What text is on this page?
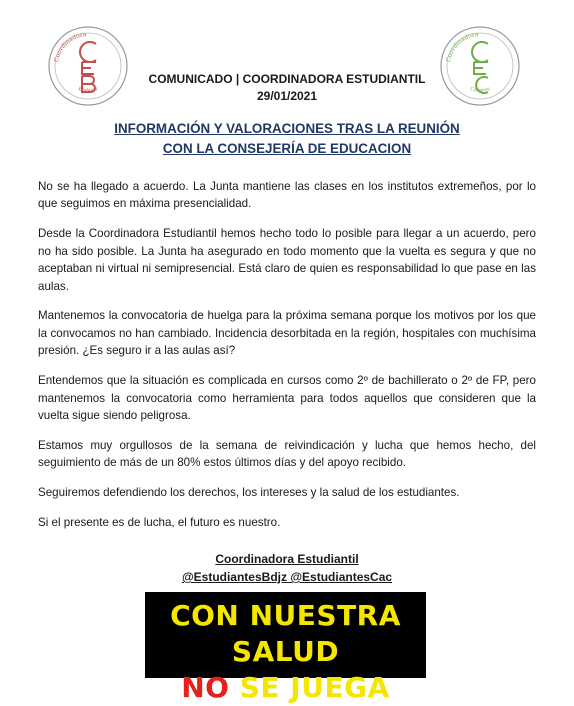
Coordinadora
Badajoz
Coordinadora
Cáceres
COMUNICADO | COORDINADORA ESTUDIANTIL
29/01/2021
INFORMACIÓN Y VALORACIONES TRAS LA REUNIÓN
CON LA CONSEJERÍA DE EDUCACION

No se ha llegado a acuerdo. La Junta mantiene las clases en los institutos extremeños, por lo que seguimos en máxima presencialidad.

Desde la Coordinadora Estudiantil hemos hecho todo lo posible para llegar a un acuerdo, pero no ha sido posible. La Junta ha asegurado en todo momento que la vuelta es segura y que no aceptaban ni virtual ni semipresencial. Está claro de quien es responsabilidad lo que pase en las aulas.

Mantenemos la convocatoria de huelga para la próxima semana porque los motivos por los que la convocamos no han cambiado. Incidencia desorbitada en la región, hospitales con muchísima presión. ¿Es seguro ir a las aulas así?

Entendemos que la situación es complicada en cursos como 2º de bachillerato o 2º de FP, pero mantenemos la convocatoria como herramienta para todos aquellos que consideren que la vuelta sigue siendo peligrosa.

Estamos muy orgullosos de la semana de reivindicación y lucha que hemos hecho, del seguimiento de más de un 80% estos últimos días y del apoyo recibido.

Seguiremos defendiendo los derechos, los intereses y la salud de los estudiantes.

Si el presente es de lucha, el futuro es nuestro.

Coordinadora Estudiantil
@EstudiantesBdjz @EstudiantesCac
CON NUESTRA SALUD
NO SE JUEGA
